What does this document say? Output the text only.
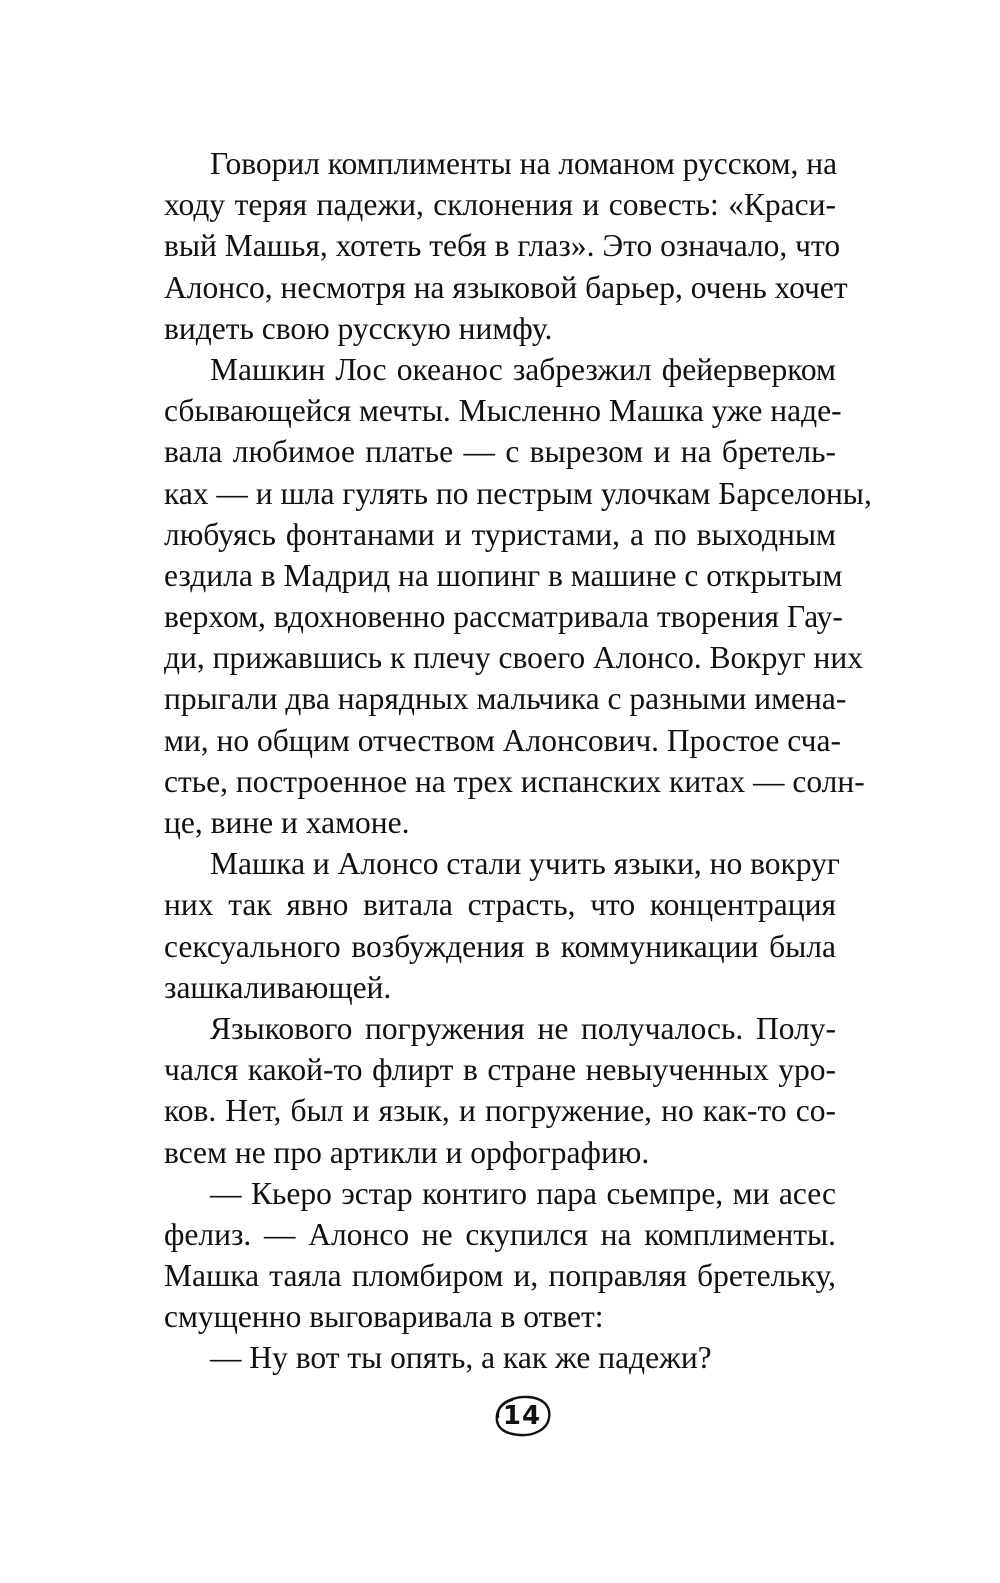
Говорил комплименты на ломаном русском, на
ходу теряя падежи, склонения и совесть: «Краси-
вый Машья, хотеть тебя в глаз». Это означало, что
Алонсо, несмотря на языковой барьер, очень хочет
видеть свою русскую нимфу.
Машкин Лос океанос забрезжил фейерверком
сбывающейся мечты. Мысленно Машка уже наде-
вала любимое платье — с вырезом и на бретель-
ках — и шла гулять по пестрым улочкам Барселоны,
любуясь фонтанами и туристами, а по выходным
ездила в Мадрид на шопинг в машине с открытым
верхом, вдохновенно рассматривала творения Гау-
ди, прижавшись к плечу своего Алонсо. Вокруг них
прыгали два нарядных мальчика с разными имена-
ми, но общим отчеством Алонсович. Простое сча-
стье, построенное на трех испанских китах — солн-
це, вине и хамоне.
Машка и Алонсо стали учить языки, но вокруг
них так явно витала страсть, что концентрация
сексуального возбуждения в коммуникации была
зашкаливающей.
Языкового погружения не получалось. Полу-
чался какой-то флирт в стране невыученных уро-
ков. Нет, был и язык, и погружение, но как-то со-
всем не про артикли и орфографию.
— Кьеро эстар контиго пара сьемпре, ми асес
фелиз. — Алонсо не скупился на комплименты.
Машка таяла пломбиром и, поправляя бретельку,
смущенно выговаривала в ответ:
— Ну вот ты опять, а как же падежи?
14
